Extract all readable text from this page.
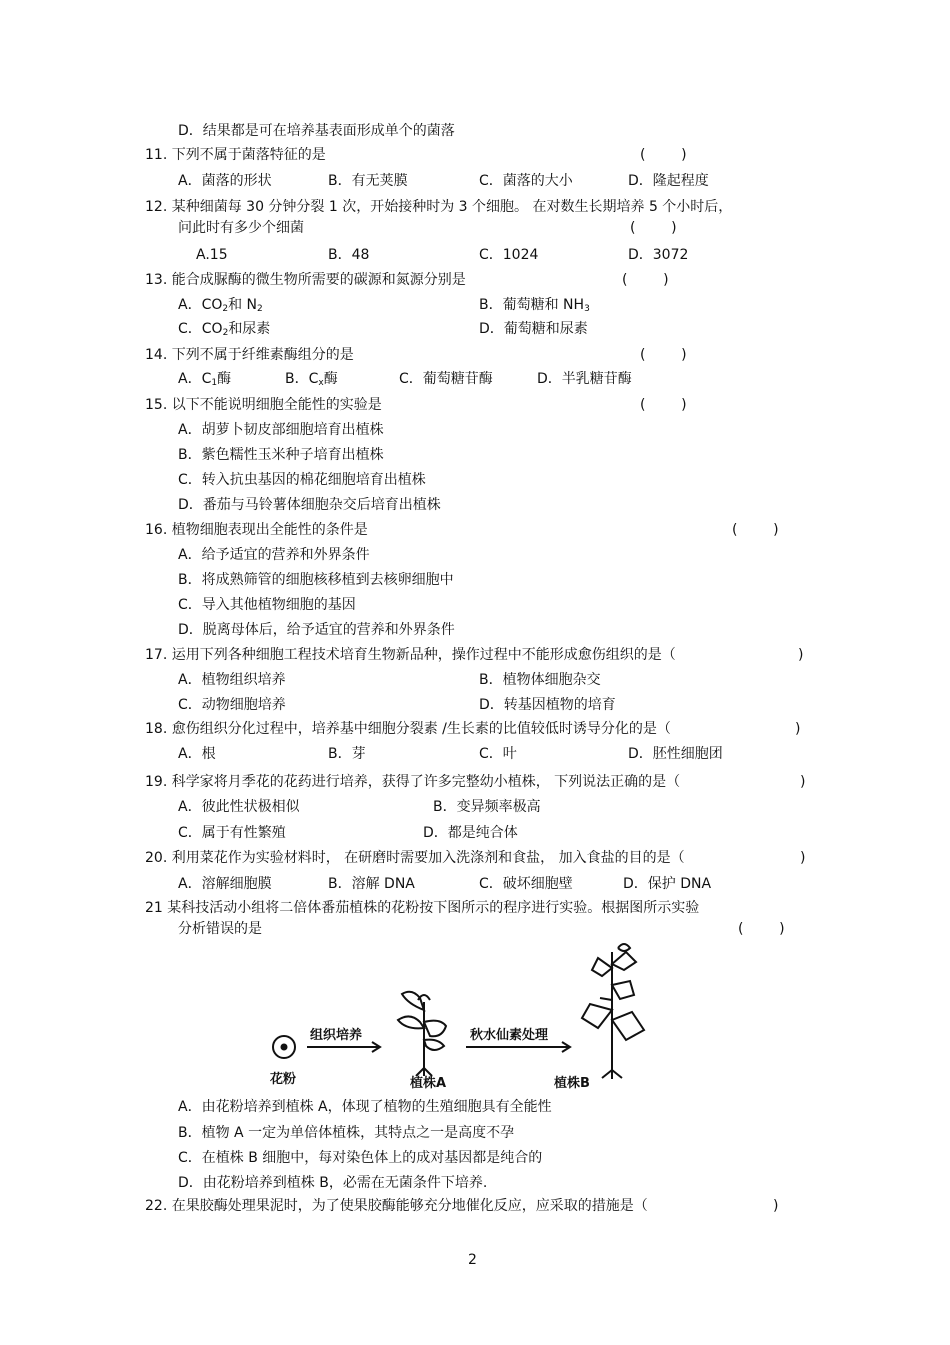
D．结果都是可在培养基表面形成单个的菌落
11. 下列不属于菌落特征的是	(        )
A．菌落的形状	B．有无荚膜	C．菌落的大小	D．隆起程度
12. 某种细菌每 30 分钟分裂 1 次，开始接种时为 3 个细胞。 在对数生长期培养 5 个小时后，
问此时有多少个细菌	(        )
A.15	B．48	C．1024	D．3072
13. 能合成脲酶的微生物所需要的碳源和氮源分别是	(        )
A．$CO_2$和 $N_2$	B．葡萄糖和 $NH_3$
C．$CO_2$和尿素	D．葡萄糖和尿素
14. 下列不属于纤维素酶组分的是	(        )
A．$C_1$酶	B．$C_x$酶	C．葡萄糖苷酶	D．半乳糖苷酶
15. 以下不能说明细胞全能性的实验是	(        )
A．胡萝卜韧皮部细胞培育出植株
B．紫色糯性玉米种子培育出植株
C．转入抗虫基因的棉花细胞培育出植株
D．番茄与马铃薯体细胞杂交后培育出植株
16. 植物细胞表现出全能性的条件是	(        )
A．给予适宜的营养和外界条件
B．将成熟筛管的细胞核移植到去核卵细胞中
C．导入其他植物细胞的基因
D．脱离母体后，给予适宜的营养和外界条件
17. 运用下列各种细胞工程技术培育生物新品种，操作过程中不能形成愈伤组织的是（	)
A．植物组织培养	B．植物体细胞杂交
C．动物细胞培养	D．转基因植物的培育
18. 愈伤组织分化过程中，培养基中细胞分裂素 /生长素的比值较低时诱导分化的是（	)
A．根	B．芽	C．叶	D．胚性细胞团
19. 科学家将月季花的花药进行培养，获得了许多完整幼小植株， 下列说法正确的是（	)
A．彼此性状极相似	B．变异频率极高
C．属于有性繁殖	D．都是纯合体
20. 利用菜花作为实验材料时， 在研磨时需要加入洗涤剂和食盐， 加入食盐的目的是（	)
A．溶解细胞膜	B．溶解 DNA	C．破坏细胞壁	D．保护 DNA
21 某科技活动小组将二倍体番茄植株的花粉按下图所示的程序进行实验。根据图所示实验
分析错误的是	(        )
花粉
组织培养
植株A
秋水仙素处理
植株B
A．由花粉培养到植株 A，体现了植物的生殖细胞具有全能性
B．植物 A 一定为单倍体植株，其特点之一是高度不孕
C．在植株 B 细胞中，每对染色体上的成对基因都是纯合的
D．由花粉培养到植株 B，必需在无菌条件下培养.
22. 在果胶酶处理果泥时，为了使果胶酶能够充分地催化反应，应采取的措施是（	)
2
